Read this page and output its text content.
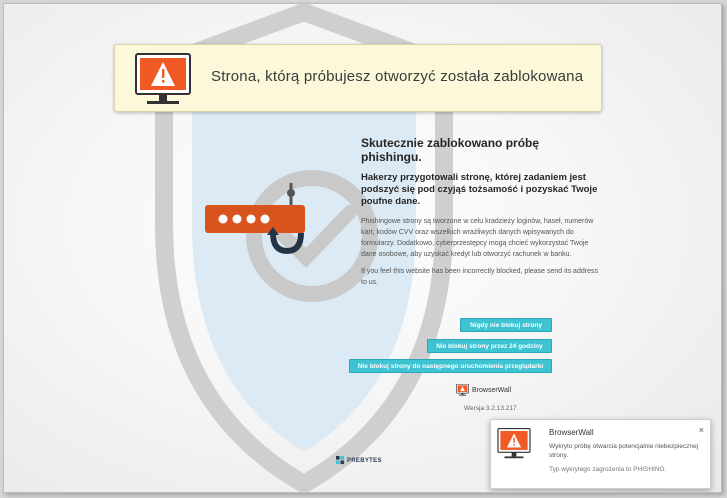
Strona, którą próbujesz otworzyć została zablokowana
Skutecznie zablokowano próbę phishingu.
Hakerzy przygotowali stronę, której zadaniem jest podszyć się pod czyjąś tożsamość i pozyskać Twoje poufne dane.
Phishingowe strony są tworzone w celu kradzieży loginów, haseł, numerów kart, kodów CVV oraz wszelkich wrażliwych danych wpisywanych do formularzy. Dodatkowo, cyberprzestępcy mogą chcieć wykorzystać Twoje dane osobowe, aby uzyskać kredyt lub otworzyć rachunek w banku.
If you feel this website has been incorrectly blocked, please send its address to us.
Nigdy nie blokuj strony
Nie blokuj strony przez 24 godziny
Nie blokuj strony do następnego uruchomienia przeglądarki
BrowserWall
Wersja 3.2.13.217
PREBYTES
BrowserWall	×
Wykryto próbę otwarcia potencjalnie niebezpiecznej strony.
Typ wykrytego zagrożenia to PHISHING.
